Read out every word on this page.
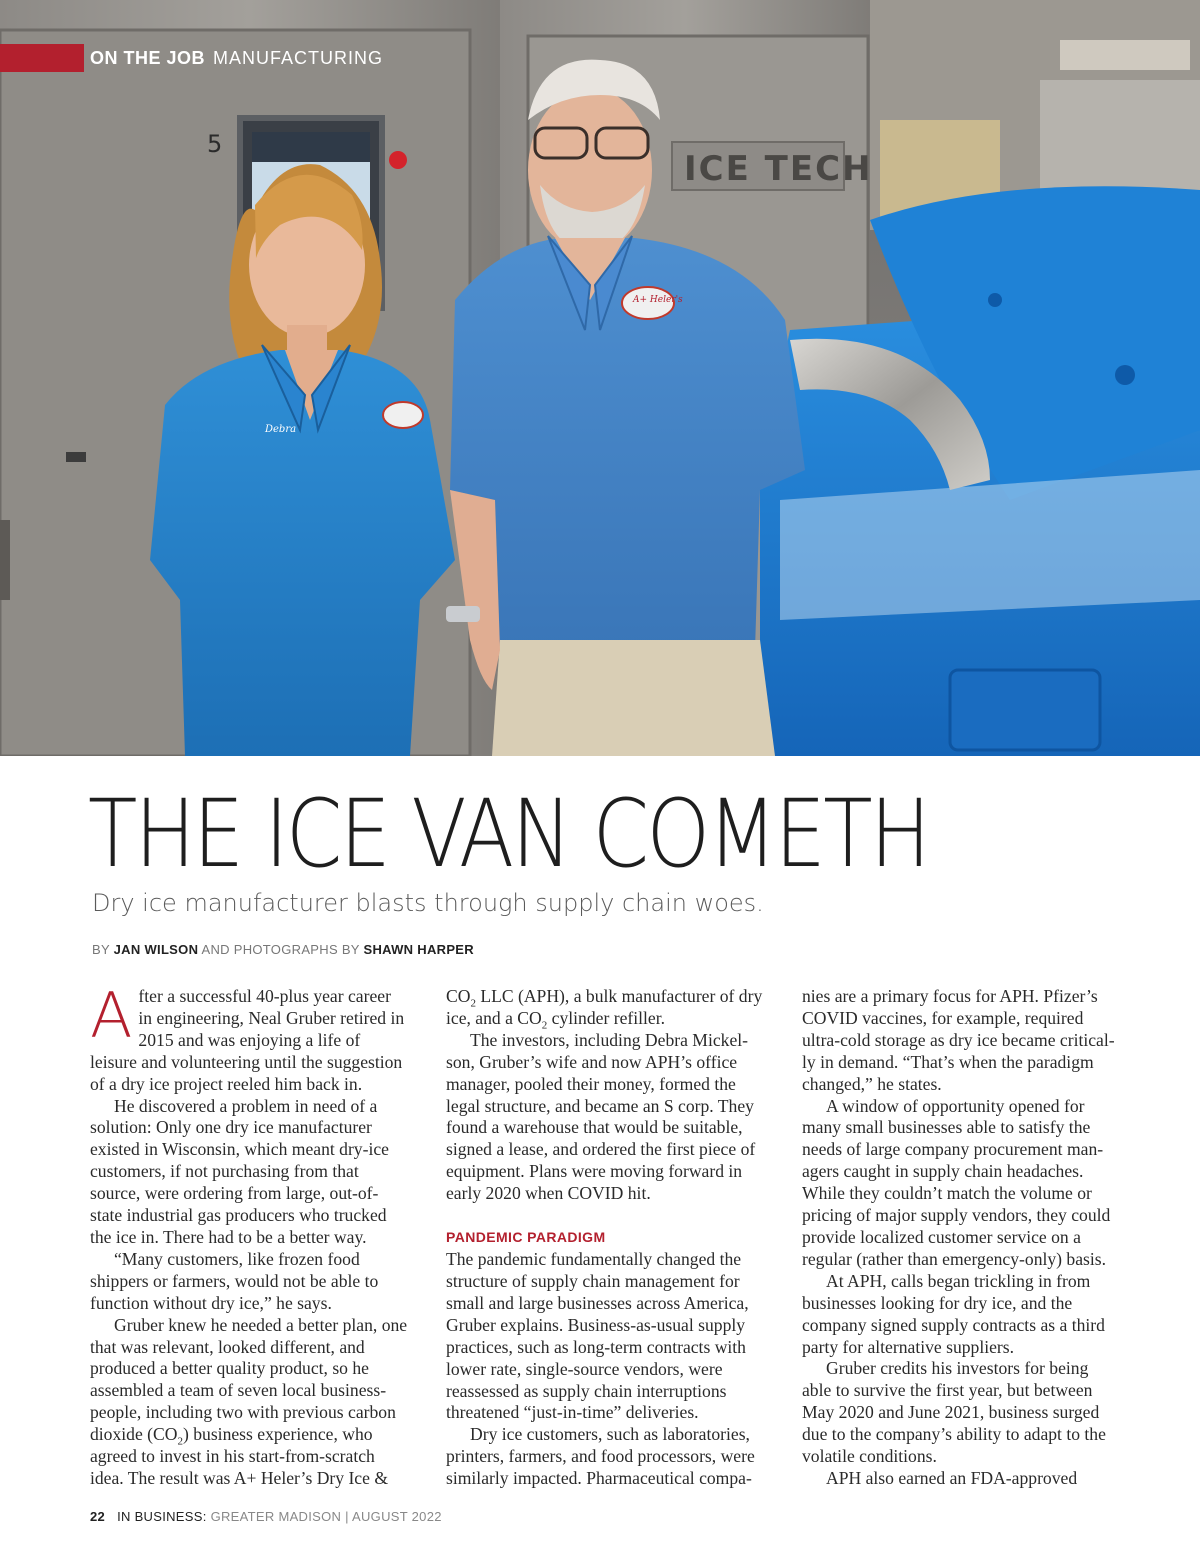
5
ICE TECH
Debra
A+ Heler's
ON THE JOB MANUFACTURING
THE ICE VAN COMETH
Dry ice manufacturer blasts through supply chain woes.
BY JAN WILSON AND PHOTOGRAPHS BY SHAWN HARPER

After a successful 40-plus year career in engineering, Neal Gruber retired in 2015 and was enjoying a life of leisure and volunteering until the suggestion of a dry ice project reeled him back in.

He discovered a problem in need of a solution: Only one dry ice manufacturer existed in Wisconsin, which meant dry-ice customers, if not purchasing from that source, were ordering from large, out-of-state industrial gas producers who trucked the ice in. There had to be a better way.

“Many customers, like frozen food shippers or farmers, would not be able to function without dry ice,” he says.

Gruber knew he needed a better plan, one that was relevant, looked different, and produced a better quality product, so he assembled a team of seven local business-people, including two with previous carbon dioxide $(CO_2)$ business experience, who agreed to invest in his start-from-scratch idea. The result was A+ Heler’s Dry Ice &

$CO_2$ LLC (APH), a bulk manufacturer of dry ice, and a $CO_2$ cylinder refiller.

The investors, including Debra Mickel-son, Gruber’s wife and now APH’s office manager, pooled their money, formed the legal structure, and became an S corp. They found a warehouse that would be suitable, signed a lease, and ordered the first piece of equipment. Plans were moving forward in early 2020 when COVID hit.

PANDEMIC PARADIGM

The pandemic fundamentally changed the structure of supply chain management for small and large businesses across America, Gruber explains. Business-as-usual supply practices, such as long-term contracts with lower rate, single-source vendors, were reassessed as supply chain interruptions threatened “just-in-time” deliveries.

Dry ice customers, such as laboratories, printers, farmers, and food processors, were similarly impacted. Pharmaceutical compa-

nies are a primary focus for APH. Pfizer’s COVID vaccines, for example, required ultra-cold storage as dry ice became critical-ly in demand. “That’s when the paradigm changed,” he states.

A window of opportunity opened for many small businesses able to satisfy the needs of large company procurement man-agers caught in supply chain headaches. While they couldn’t match the volume or pricing of major supply vendors, they could provide localized customer service on a regular (rather than emergency-only) basis.

At APH, calls began trickling in from businesses looking for dry ice, and the company signed supply contracts as a third party for alternative suppliers.

Gruber credits his investors for being able to survive the first year, but between May 2020 and June 2021, business surged due to the company’s ability to adapt to the volatile conditions.

APH also earned an FDA-approved

22 IN BUSINESS: GREATER MADISON | AUGUST 2022
